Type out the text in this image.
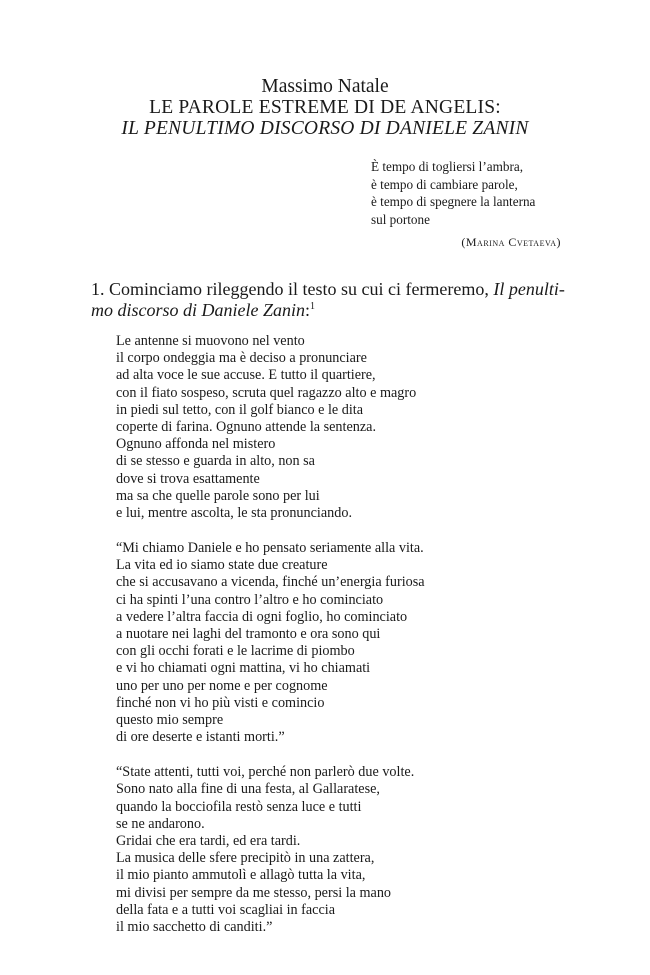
Massimo Natale
LE PAROLE ESTREME DI DE ANGELIS:
IL PENULTIMO DISCORSO DI DANIELE ZANIN
È tempo di togliersi l’ambra,
è tempo di cambiare parole,
è tempo di spegnere la lanterna
sul portone
(Marina Cvetaeva)
1. Cominciamo rileggendo il testo su cui ci fermeremo, Il penulti-
mo discorso di Daniele Zanin:$^1$
Le antenne si muovono nel vento
il corpo ondeggia ma è deciso a pronunciare
ad alta voce le sue accuse. E tutto il quartiere,
con il fiato sospeso, scruta quel ragazzo alto e magro
in piedi sul tetto, con il golf bianco e le dita
coperte di farina. Ognuno attende la sentenza.
Ognuno affonda nel mistero
di se stesso e guarda in alto, non sa
dove si trova esattamente
ma sa che quelle parole sono per lui
e lui, mentre ascolta, le sta pronunciando.
“Mi chiamo Daniele e ho pensato seriamente alla vita.
La vita ed io siamo state due creature
che si accusavano a vicenda, finché un’energia furiosa
ci ha spinti l’una contro l’altro e ho cominciato
a vedere l’altra faccia di ogni foglio, ho cominciato
a nuotare nei laghi del tramonto e ora sono qui
con gli occhi forati e le lacrime di piombo
e vi ho chiamati ogni mattina, vi ho chiamati
uno per uno per nome e per cognome
finché non vi ho più visti e comincio
questo mio sempre
di ore deserte e istanti morti.”
“State attenti, tutti voi, perché non parlerò due volte.
Sono nato alla fine di una festa, al Gallaratese,
quando la bocciofila restò senza luce e tutti
se ne andarono.
Gridai che era tardi, ed era tardi.
La musica delle sfere precipitò in una zattera,
il mio pianto ammutolì e allagò tutta la vita,
mi divisi per sempre da me stesso, persi la mano
della fata e a tutti voi scagliai in faccia
il mio sacchetto di canditi.”
